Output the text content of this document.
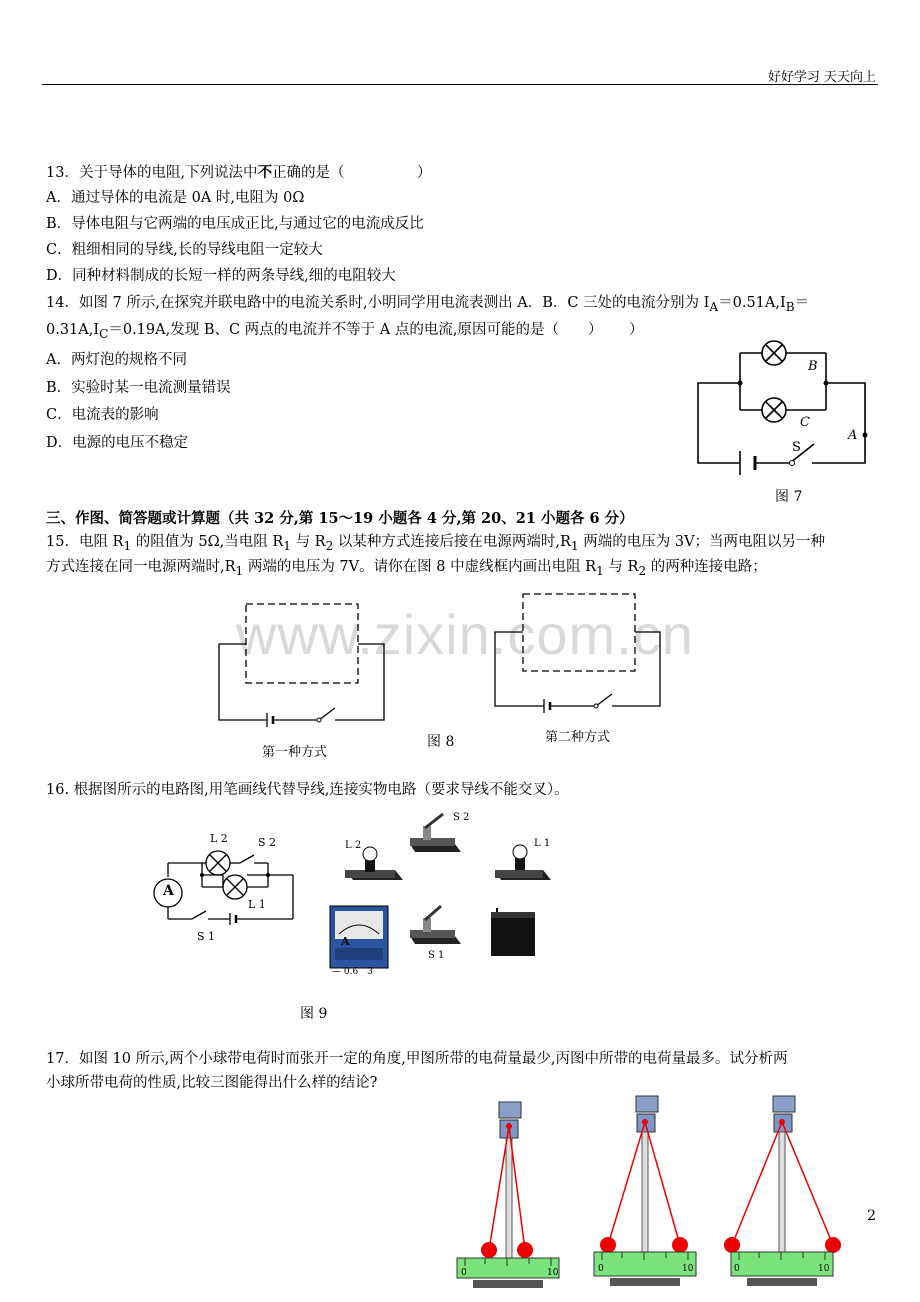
好好学习 天天向上
www.zixin.com.cn
13．关于导体的电阻,下列说法中不正确的是（　　　　　）
A．通过导体的电流是 0A 时,电阻为 0Ω
B．导体电阻与它两端的电压成正比,与通过它的电流成反比
C．粗细相同的导线,长的导线电阻一定较大
D．同种材料制成的长短一样的两条导线,细的电阻较大
14．如图 7 所示,在探究并联电路中的电流关系时,小明同学用电流表测出 A．B．C 三处的电流分别为 $I_A=0.51A,I_B=$
$0.31A,I_C=0.19A$,发现 B、C 两点的电流并不等于 A 点的电流,原因可能的是（　　）　　 ）
A．两灯泡的规格不同
B．实验时某一电流测量错误
C．电流表的影响
D．电源的电压不稳定
B
C
A
S
图 7
三、作图、简答题或计算题（共 32 分,第 15～19 小题各 4 分,第 20、21 小题各 6 分）
15．电阻 $R_1$ 的阻值为 5Ω,当电阻 $R_1$ 与 $R_2$ 以某种方式连接后接在电源两端时$,R_1$ 两端的电压为 3V；当两电阻以另一种
方式连接在同一电源两端时$,R_1$ 两端的电压为 7V。请你在图 8 中虚线框内画出电阻 $R_1$ 与 $R_2$ 的两种连接电路；
第一种方式
图 8	第二种方式
16. 根据图所示的电路图,用笔画线代替导线,连接实物电路（要求导线不能交叉）。
A
L 2	S 2
L 1
S 1
L 2
S 2
L 1
S 1
A
— 0.6　3
图 9
17．如图 10 所示,两个小球带电荷时而张开一定的角度,甲图所带的电荷量最少,丙图中所带的电荷量最多。试分析两
小球所带电荷的性质,比较三图能得出什么样的结论?
0	10	0	10	0	10
2
